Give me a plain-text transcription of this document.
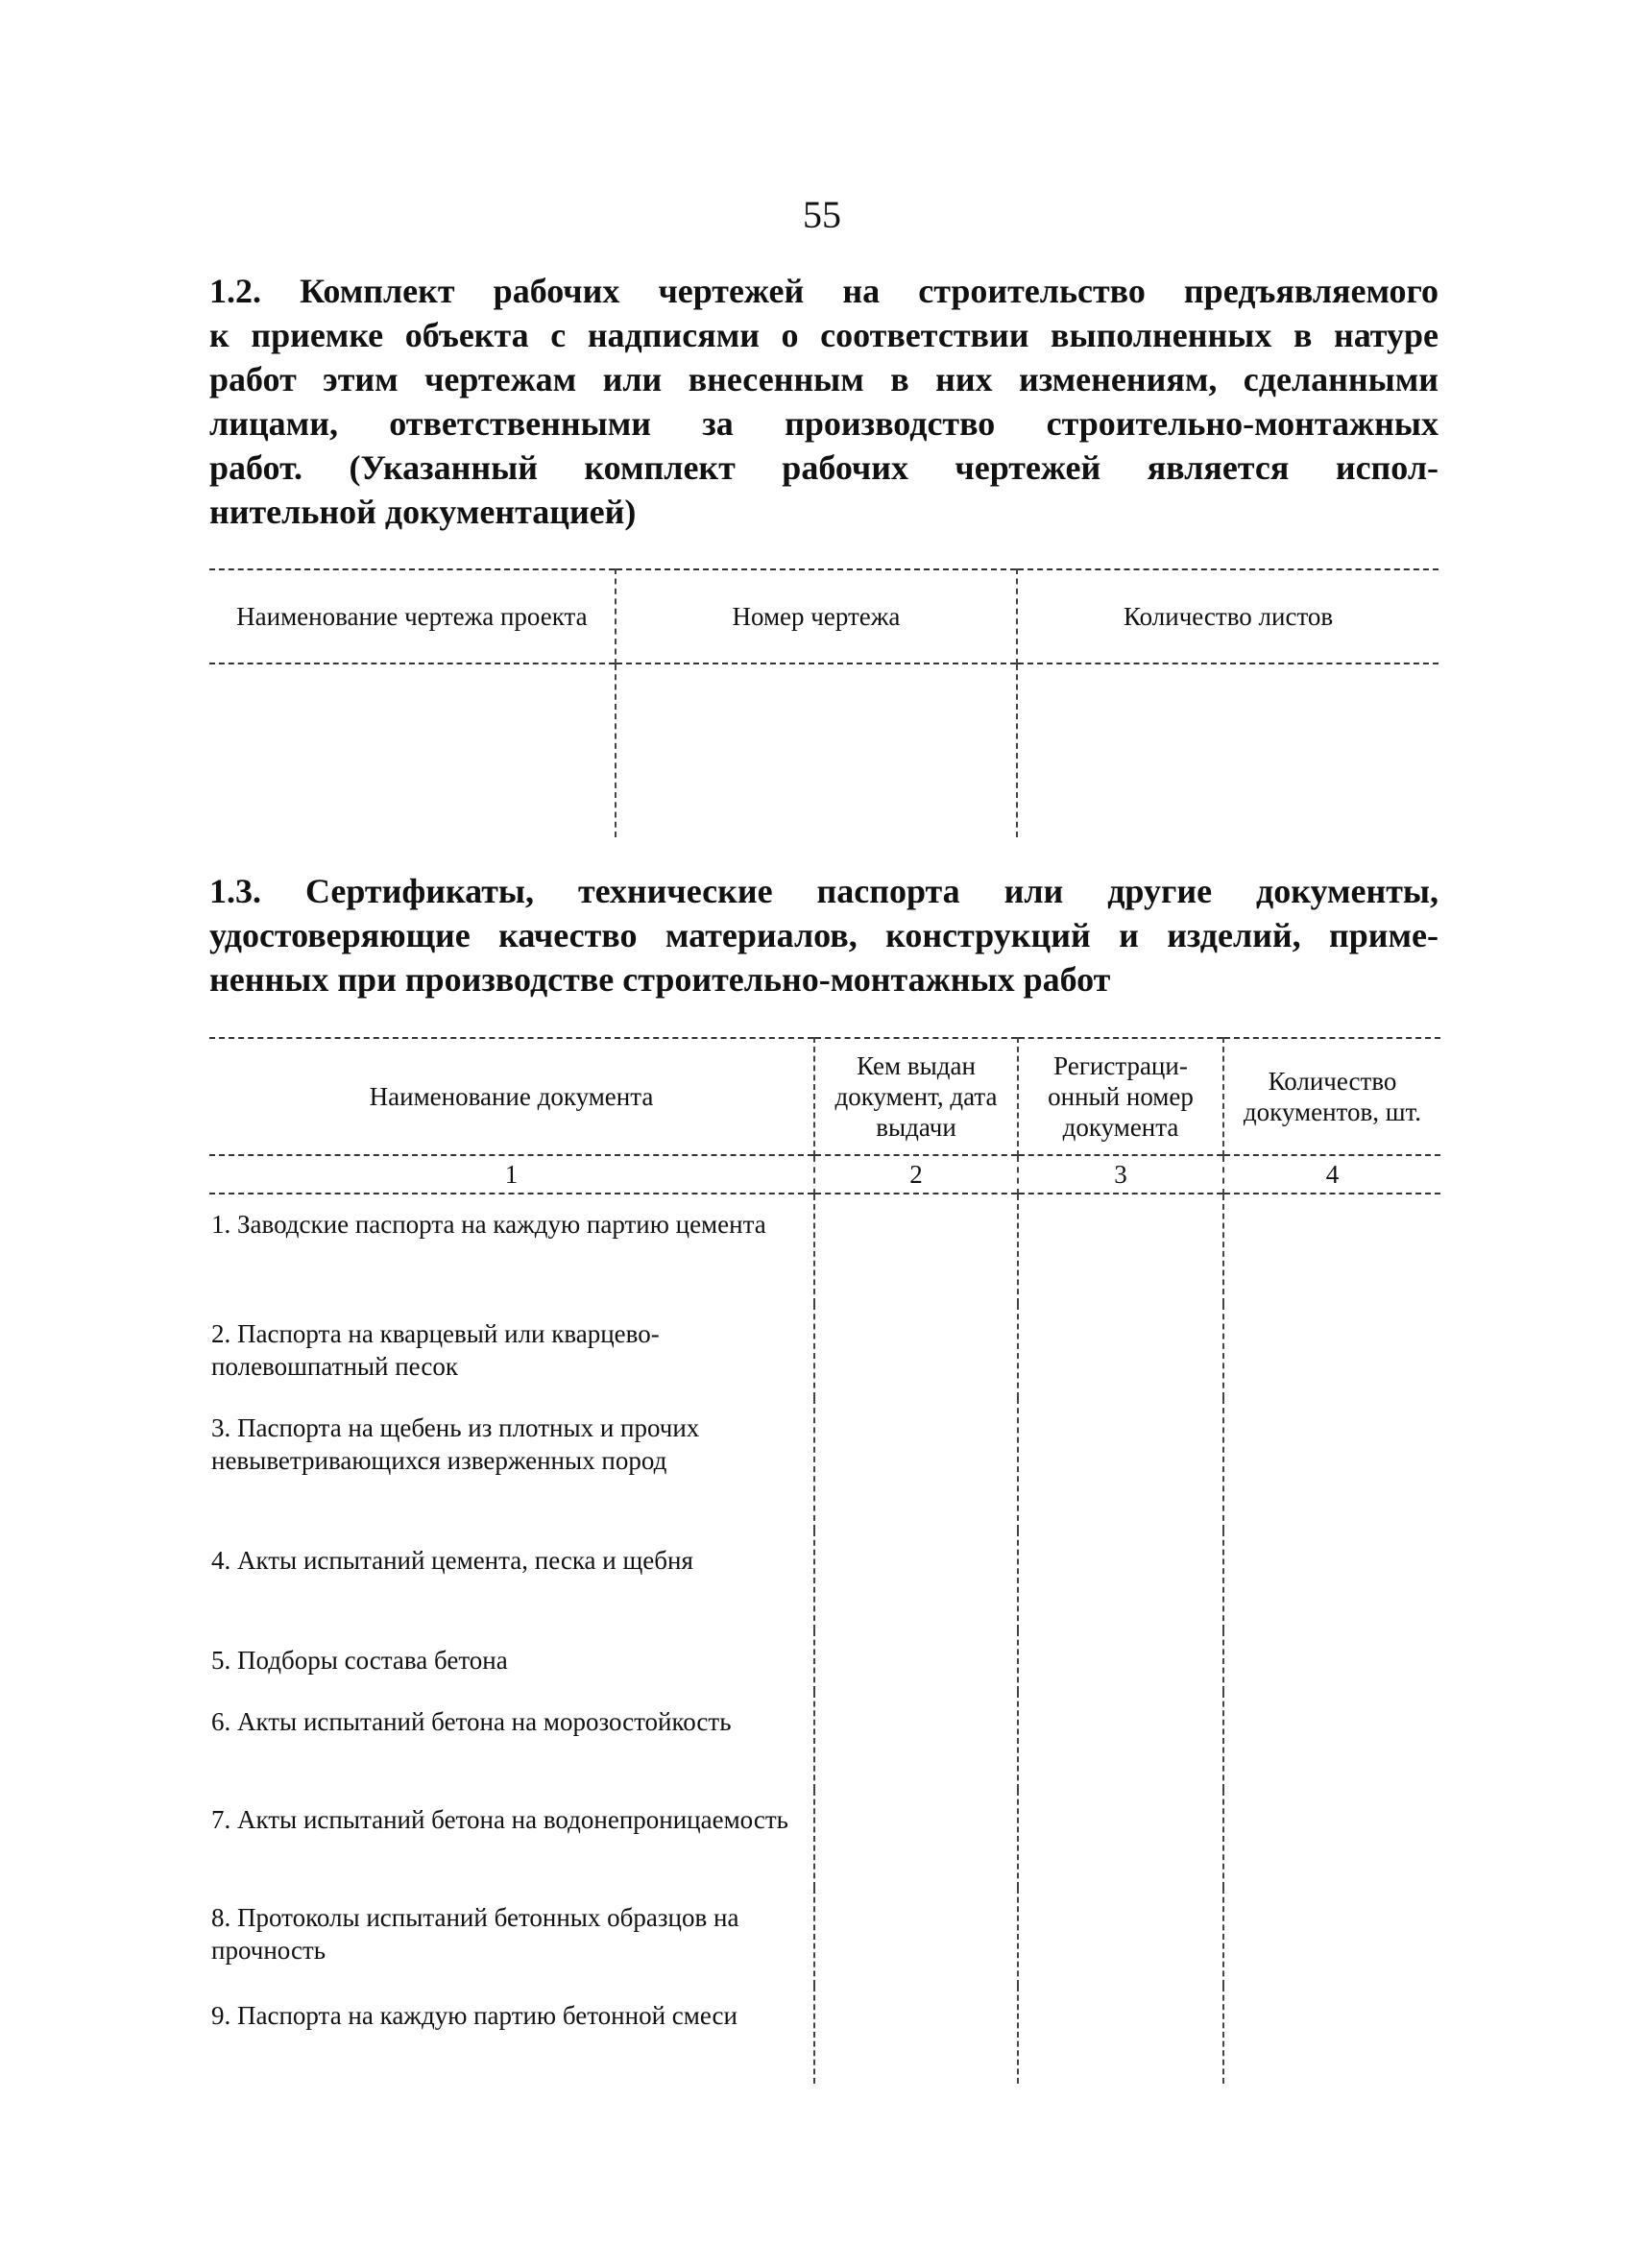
55

1.2. Комплект рабочих чертежей на строительство предъявляемого
к приемке объекта с надписями о соответствии выполненных в натуре
работ этим чертежам или внесенным в них изменениям, сделанными
лицами, ответственными за производство строительно-монтажных
работ. (Указанный комплект рабочих чертежей является испол-
нительной документацией)

Наименование чертежа проекта	Номер чертежа	Количество листов

1.3. Сертификаты, технические паспорта или другие документы,
удостоверяющие качество материалов, конструкций и изделий, приме-
ненных при производстве строительно-монтажных работ

Наименование документа	Кем выдан документ, дата выдачи	Регистраци-онный номер документа	Количество документов, шт.
1	2	3	4
1. Заводские паспорта на каждую партию цемента			
2. Паспорта на кварцевый или кварцево-полевошпатный песок			
3. Паспорта на щебень из плотных и прочих невыветривающихся изверженных пород			
4. Акты испытаний цемента, песка и щебня			
5. Подборы состава бетона			
6. Акты испытаний бетона на морозостойкость			
7. Акты испытаний бетона на водонепроницаемость			
8. Протоколы испытаний бетонных образцов на прочность			
9. Паспорта на каждую партию бетонной смеси			
